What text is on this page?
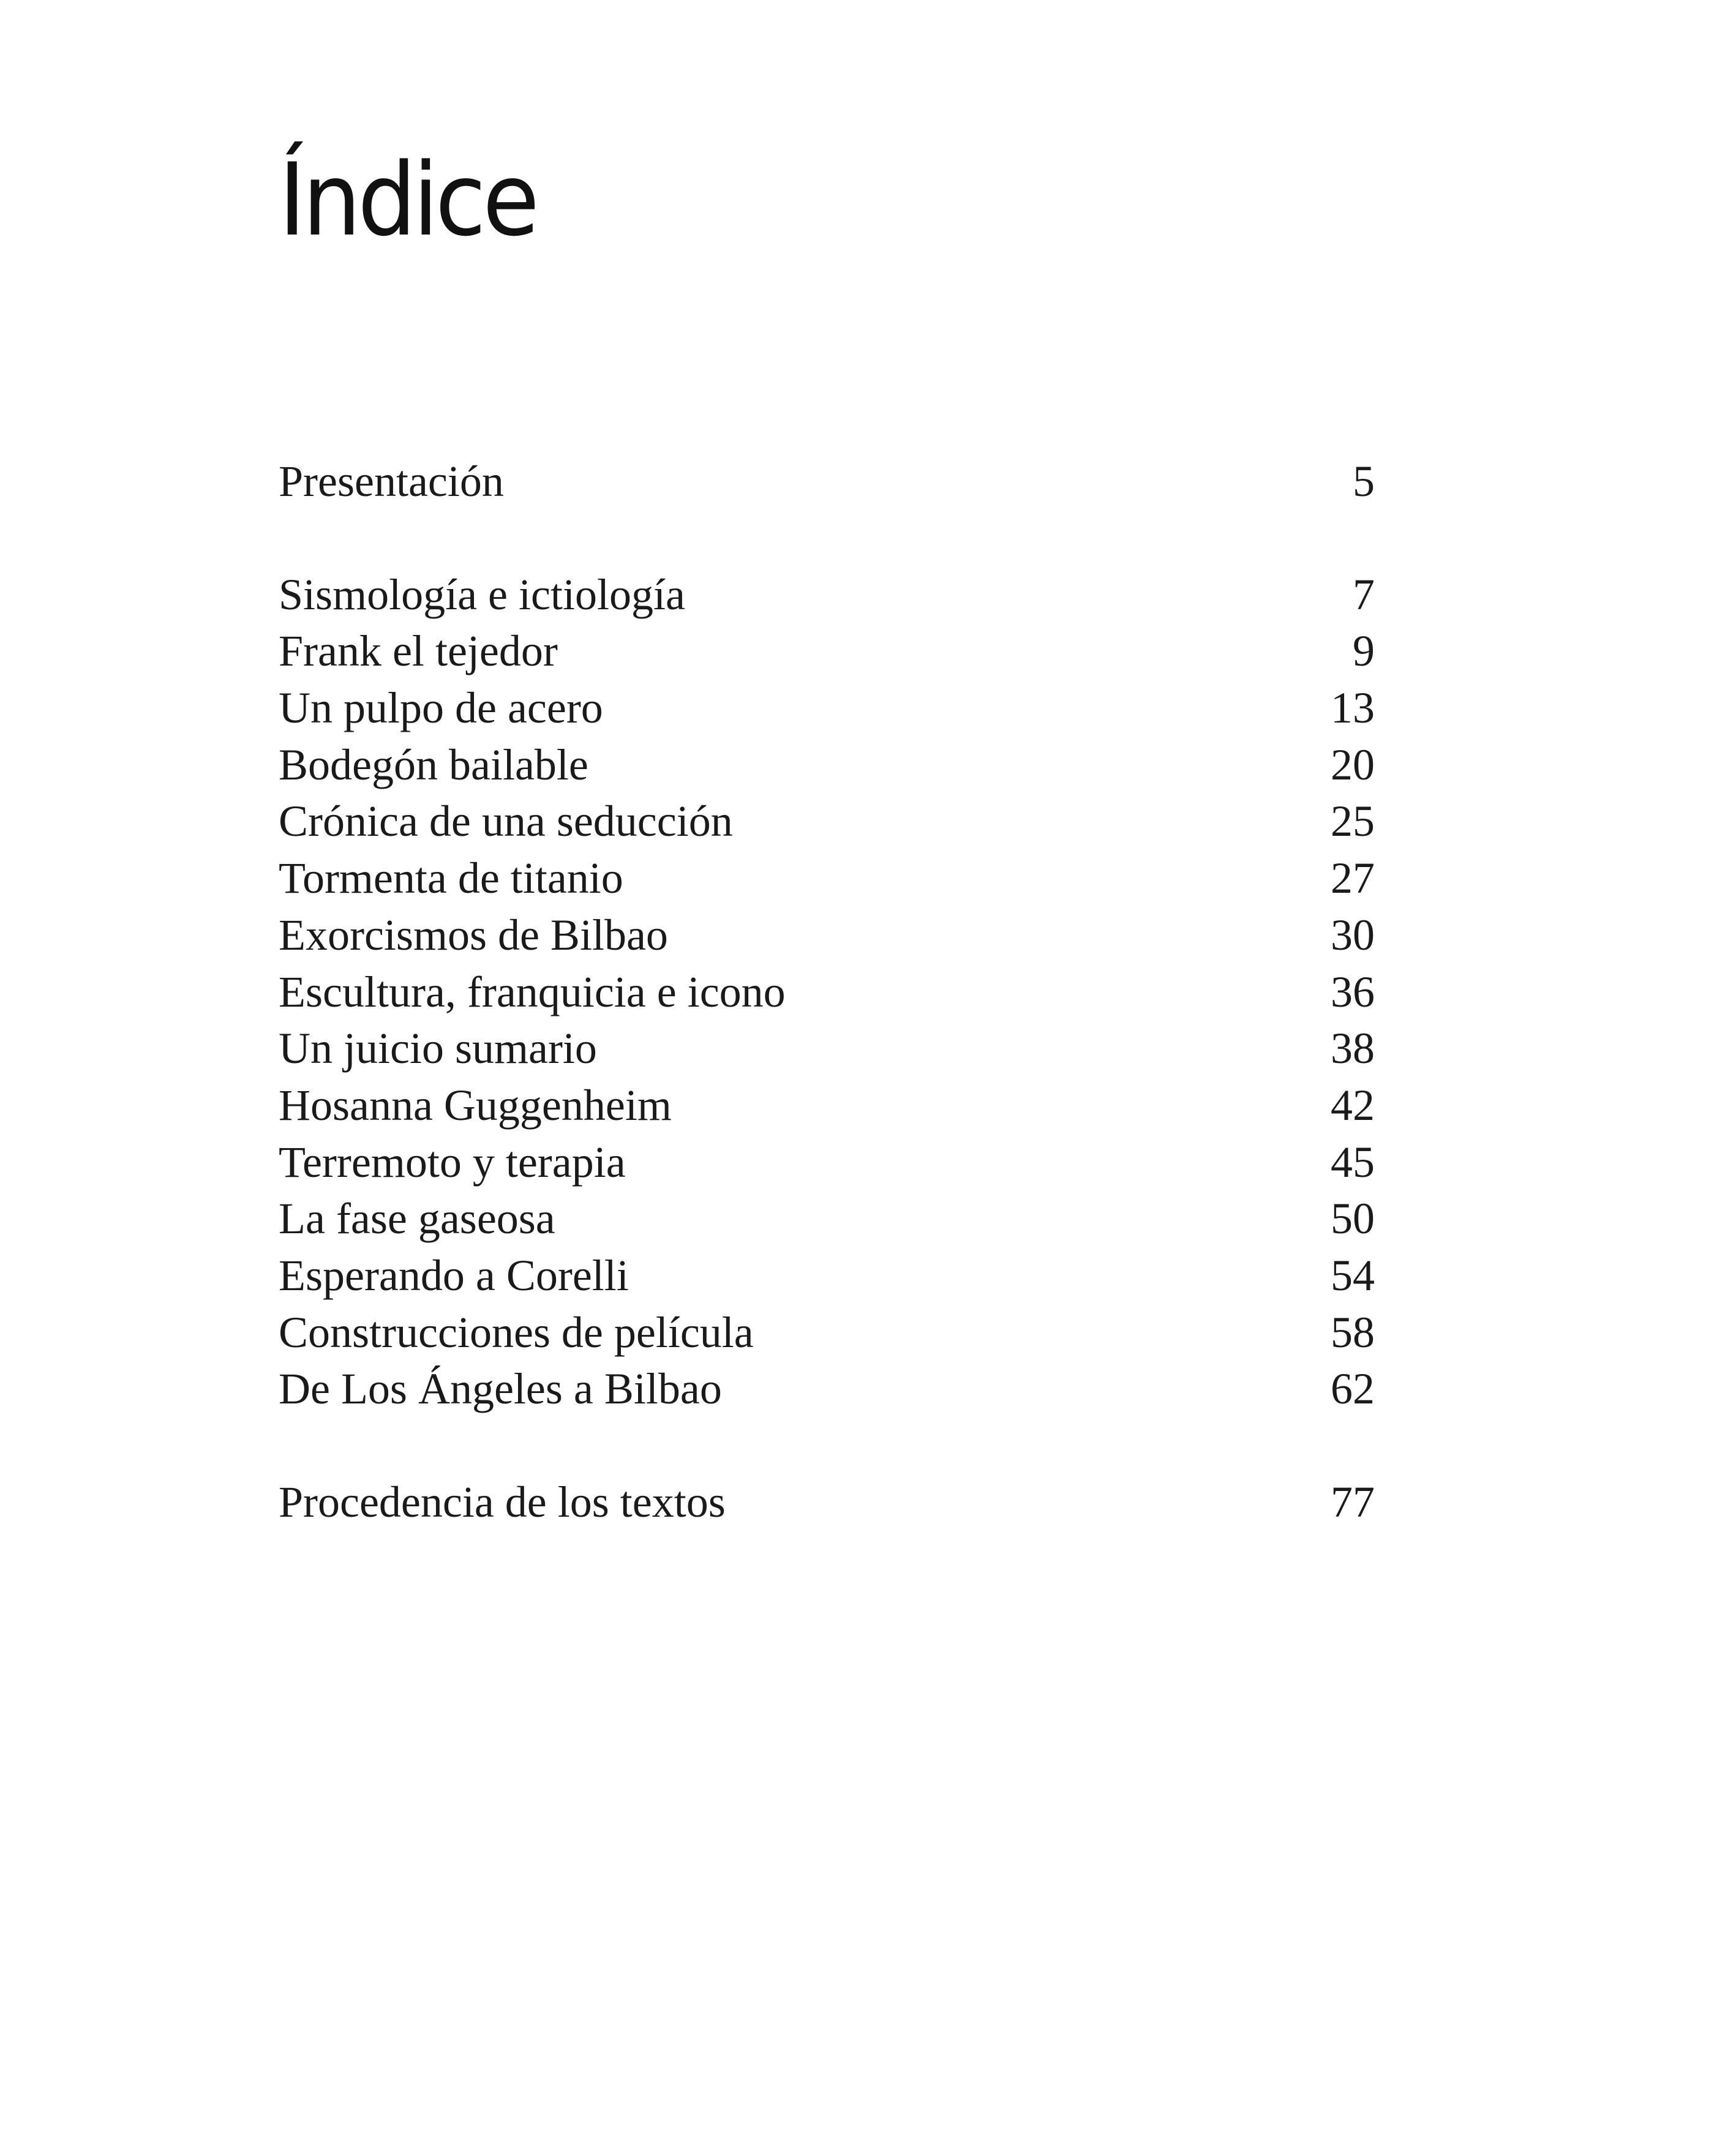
Índice
Presentación	5
Sismología e ictiología	7
Frank el tejedor	9
Un pulpo de acero	13
Bodegón bailable	20
Crónica de una seducción	25
Tormenta de titanio	27
Exorcismos de Bilbao	30
Escultura, franquicia e icono	36
Un juicio sumario	38
Hosanna Guggenheim	42
Terremoto y terapia	45
La fase gaseosa	50
Esperando a Corelli	54
Construcciones de película	58
De Los Ángeles a Bilbao	62
Procedencia de los textos	77
